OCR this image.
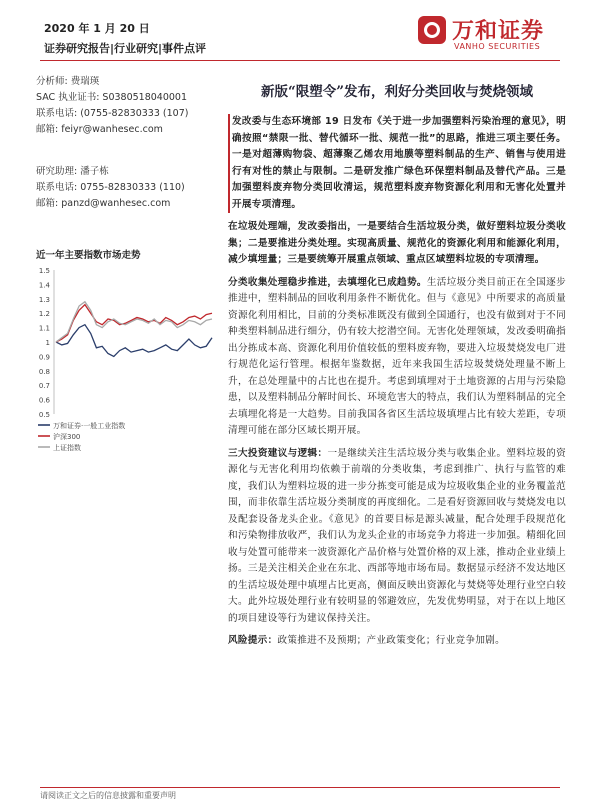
2020 年 1 月 20 日
证券研究报告|行业研究|事件点评
万和证券
VANHO SECURITIES
分析师: 费瑞瑛
SAC 执业证书: S0380518040001
联系电话: (0755-82830333 (107)
邮箱: feiyr@wanhesec.com
研究助理: 潘子栋
联系电话: 0755-82830333 (110)
邮箱: panzd@wanhesec.com
近一年主要指数市场走势
1.5
1.4
1.3
1.2
1.1
1
0.9
0.8
0.7
0.6
0.5
万和证券·一般工业指数
沪深300
上证指数
新版“限塑令”发布，利好分类回收与焚烧领域

发改委与生态环境部 19 日发布《关于进一步加强塑料污染治理的意见》，明确按照“禁限一批、替代循环一批、规范一批”的思路，推进三项主要任务。一是对超薄购物袋、超薄聚乙烯农用地膜等塑料制品的生产、销售与使用进行有对性的禁止与限制。二是研发推广绿色环保塑料制品及替代产品。三是加强塑料废弃物分类回收清运，规范塑料废弃物资源化利用和无害化处置并开展专项清理。

在垃圾处理端，发改委指出，一是要结合生活垃圾分类，做好塑料垃圾分类收集；二是要推进分类处理。实现高质量、规范化的资源化利用和能源化利用，减少填埋量；三是要统筹开展重点领域、重点区域塑料垃圾的专项清理。

分类收集处理稳步推进，去填埋化已成趋势。生活垃圾分类目前正在全国逐步推进中，塑料制品的回收利用条件不断优化。但与《意见》中所要求的高质量资源化利用相比，目前的分类标准既没有做到全国通行，也没有做到对于不同种类塑料制品进行细分，仍有较大挖潜空间。无害化处理领域，发改委明确指出分拣成本高、资源化利用价值较低的塑料废弃物，要进入垃圾焚烧发电厂进行规范化运行管理。根据年鉴数据，近年来我国生活垃圾焚烧处理量不断上升，在总处理量中的占比也在提升。考虑到填埋对于土地资源的占用与污染隐患，以及塑料制品分解时间长、环境危害大的特点，我们认为塑料制品的完全去填埋化将是一大趋势。目前我国各省区生活垃圾填埋占比有较大差距，专项清理可能在部分区域长期开展。

三大投资建议与逻辑：一是继续关注生活垃圾分类与收集企业。塑料垃圾的资源化与无害化利用均依赖于前端的分类收集，考虑到推广、执行与监管的难度，我们认为塑料垃圾的进一步分拣变可能是成为垃圾收集企业的业务覆盖范围，而非依靠生活垃圾分类制度的再度细化。二是看好资源回收与焚烧发电以及配套设备龙头企业。《意见》的首要目标是源头减量，配合处理手段规范化和污染物排放收严，我们认为龙头企业的市场竞争力将进一步加强。精细化回收与处置可能带来一波资源化产品价格与处置价格的双上涨，推动企业业绩上扬。三是关注相关企业在东北、西部等地市场布局。数据显示经济不发达地区的生活垃圾处理中填埋占比更高，侧面反映出资源化与焚烧等处理行业空白较大。此外垃圾处理行业有较明显的邻避效应，先发优势明显，对于在以上地区的项目建设等行为建议保持关注。

风险提示：政策推进不及预期；产业政策变化；行业竞争加剧。

请阅读正文之后的信息披露和重要声明
